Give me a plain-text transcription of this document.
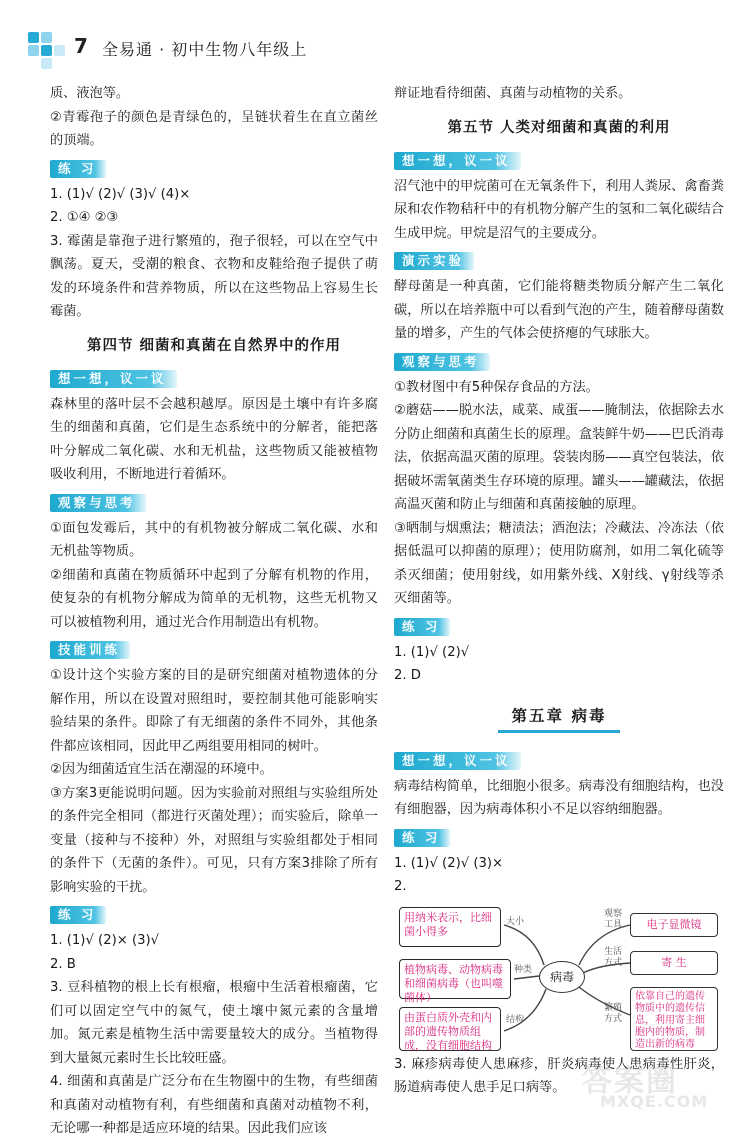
7 全易通 · 初中生物八年级上

质、液泡等。

②青霉孢子的颜色是青绿色的，呈链状着生在直立菌丝的顶端。

练 习

1. (1)√ (2)√ (3)√ (4)×

2. ①④ ②③

3. 霉菌是靠孢子进行繁殖的，孢子很轻，可以在空气中飘荡。夏天，受潮的粮食、衣物和皮鞋给孢子提供了萌发的环境条件和营养物质，所以在这些物品上容易生长霉菌。

第四节 细菌和真菌在自然界中的作用
想一想，议一议

森林里的落叶层不会越积越厚。原因是土壤中有许多腐生的细菌和真菌，它们是生态系统中的分解者，能把落叶分解成二氧化碳、水和无机盐，这些物质又能被植物吸收利用，不断地进行着循环。

观察与思考

①面包发霉后，其中的有机物被分解成二氧化碳、水和无机盐等物质。

②细菌和真菌在物质循环中起到了分解有机物的作用，使复杂的有机物分解成为简单的无机物，这些无机物又可以被植物利用，通过光合作用制造出有机物。

技能训练

①设计这个实验方案的目的是研究细菌对植物遗体的分解作用，所以在设置对照组时，要控制其他可能影响实验结果的条件。即除了有无细菌的条件不同外，其他条件都应该相同，因此甲乙两组要用相同的树叶。

②因为细菌适宜生活在潮湿的环境中。

③方案3更能说明问题。因为实验前对照组与实验组所处的条件完全相同（都进行灭菌处理）；而实验后，除单一变量（接种与不接种）外，对照组与实验组都处于相同的条件下（无菌的条件）。可见，只有方案3排除了所有影响实验的干扰。

练 习

1. (1)√ (2)× (3)√

2. B

3. 豆科植物的根上长有根瘤，根瘤中生活着根瘤菌，它们可以固定空气中的氮气，使土壤中氮元素的含量增加。氮元素是植物生活中需要量较大的成分。当植物得到大量氮元素时生长比较旺盛。

4. 细菌和真菌是广泛分布在生物圈中的生物，有些细菌和真菌对动植物有利，有些细菌和真菌对动植物不利，无论哪一种都是适应环境的结果。因此我们应该

辩证地看待细菌、真菌与动植物的关系。

第五节 人类对细菌和真菌的利用
想一想，议一议

沼气池中的甲烷菌可在无氧条件下，利用人粪尿、禽畜粪尿和农作物秸秆中的有机物分解产生的氢和二氧化碳结合生成甲烷。甲烷是沼气的主要成分。

演示实验

酵母菌是一种真菌，它们能将糖类物质分解产生二氧化碳，所以在培养瓶中可以看到气泡的产生，随着酵母菌数量的增多，产生的气体会使挤瘪的气球胀大。

观察与思考

①教材图中有5种保存食品的方法。

②蘑菇——脱水法，咸菜、咸蛋——腌制法，依据除去水分防止细菌和真菌生长的原理。盒装鲜牛奶——巴氏消毒法，依据高温灭菌的原理。袋装肉肠——真空包装法，依据破坏需氧菌类生存环境的原理。罐头——罐藏法，依据高温灭菌和防止与细菌和真菌接触的原理。

③晒制与烟熏法；糖渍法；酒泡法；冷藏法、冷冻法（依据低温可以抑菌的原理）；使用防腐剂，如用二氧化硫等杀灭细菌；使用射线，如用紫外线、X射线、γ射线等杀灭细菌等。

练 习

1. (1)√ (2)√

2. D

第五章 病毒
想一想，议一议

病毒结构简单，比细胞小很多。病毒没有细胞结构，也没有细胞器，因为病毒体积小不足以容纳细胞器。

练 习

1. (1)√ (2)√ (3)×

2.

用纳米表示，比细菌小得多
植物病毒、动物病毒和细菌病毒（也叫噬菌体）
由蛋白质外壳和内部的遗传物质组成，没有细胞结构
病毒
电子显微镜
寄 生
依靠自己的遗传物质中的遗传信息，利用寄主细胞内的物质，制造出新的病毒
大小
种类
结构
观察工具
生活方式
繁殖方式

3. 麻疹病毒使人患麻疹，肝炎病毒使人患病毒性肝炎，肠道病毒使人患手足口病等。 答案圈
MXQE.COM
